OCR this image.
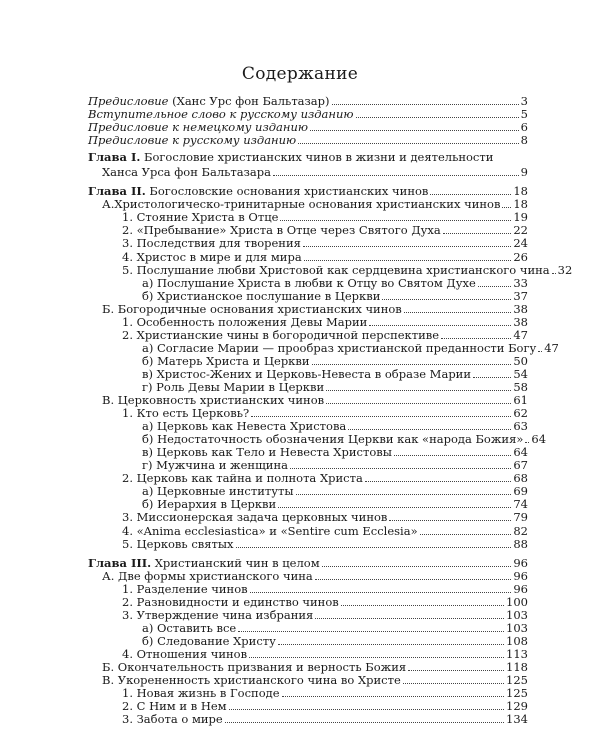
Содержание
Предисловие (Ханс Урс фон Бальтазар)	3
Вступительное слово к русскому изданию	5
Предисловие к немецкому изданию	6
Предисловие к русскому изданию	8
Глава I. Богословие христианских чинов в жизни и деятельности
Ханса Урса фон Бальтазара	9
Глава II. Богословские основания христианских чинов	18
А.Христологическо-тринитарные основания христианских чинов 18
1. Стояние Христа в Отце	19
2. «Пребывание» Христа в Отце через Святого Духа	22
3. Последствия для творения	24
4. Христос в мире и для мира	26
5. Послушание любви Христовой как сердцевина христианского чина 32
а) Послушание Христа в любви к Отцу во Святом Духе	33
б) Христианское послушание в Церкви	37
Б. Богородичные основания христианских чинов	38
1. Особенность положения Девы Марии	38
2. Христианские чины в богородичной перспективе	47
а) Согласие Марии — прообраз христианской преданности Богу 47
б) Матерь Христа и Церкви	50
в) Христос-Жених и Церковь-Невеста в образе Марии	54
г) Роль Девы Марии в Церкви	58
В. Церковность христианских чинов	61
1. Кто есть Церковь?	62
а) Церковь как Невеста Христова	63
б) Недостаточность обозначения Церкви как «народа Божия» 64
в) Церковь как Тело и Невеста Христовы	64
г) Мужчина и женщина	67
2. Церковь как тайна и полнота Христа	68
а) Церковные институты	69
б) Иерархия в Церкви	74
3. Миссионерская задача церковных чинов	79
4. «Anima ecclesiastica» и «Sentire cum Ecclesia»	82
5. Церковь святых	88
Глава III. Христианский чин в целом	96
А. Две формы христианского чина	96
1. Разделение чинов	96
2. Разновидности и единство чинов	100
3. Утверждение чина избрания	103
а) Оставить все	103
б) Следование Христу	108
4. Отношения чинов	113
Б. Окончательность призвания и верность Божия	118
В. Укорененность христианского чина во Христе	125
1. Новая жизнь в Господе	125
2. С Ним и в Нем	129
3. Забота о мире	134
